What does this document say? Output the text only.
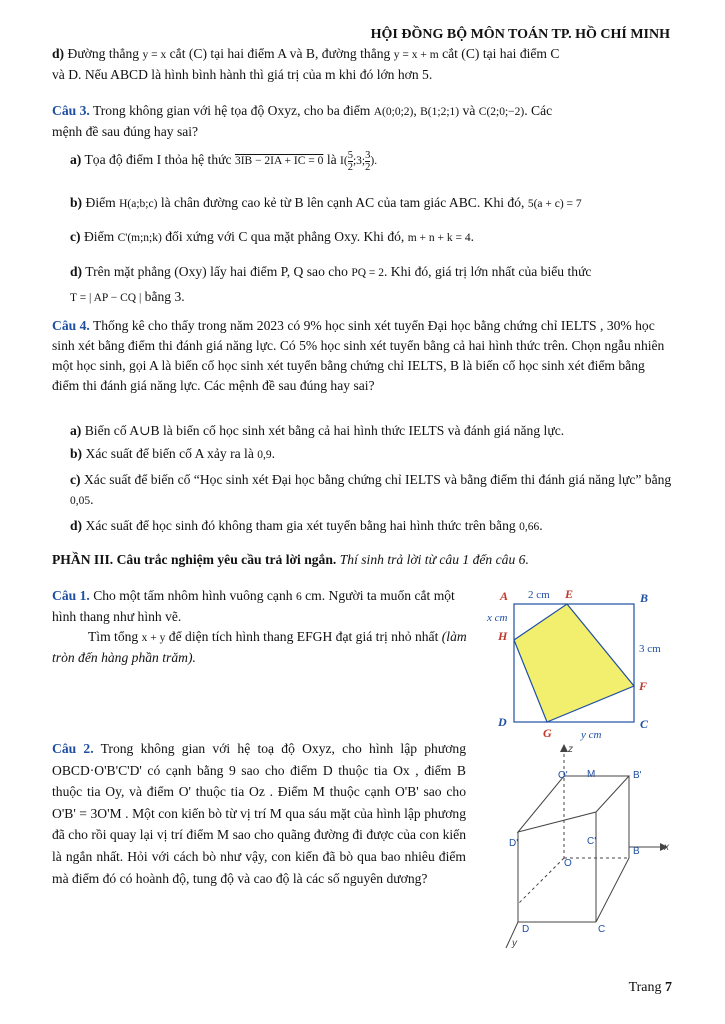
HỘI ĐỒNG BỘ MÔN TOÁN TP. HỒ CHÍ MINH
d) Đường thẳng y = x cắt (C) tại hai điểm A và B, đường thẳng y = x + m cắt (C) tại hai điểm C
và D. Nếu ABCD là hình bình hành thì giá trị của m khi đó lớn hơn 5.
Câu 3. Trong không gian với hệ tọa độ Oxyz, cho ba điểm A(0;0;2), B(1;2;1) và C(2;0;−2). Các
mệnh đề sau đúng hay sai?
a) Tọa độ điểm I thỏa hệ thức 3IB − 2IA + IC = 0 là $I( \frac{5}{2}$ ;3; $\frac{3}{2}$ ).
b) Điểm H(a;b;c) là chân đường cao kẻ từ B lên cạnh AC của tam giác ABC. Khi đó, 5(a + c) = 7
c) Điểm C'(m;n;k) đối xứng với C qua mặt phẳng Oxy. Khi đó, m + n + k = 4.
d) Trên mặt phẳng (Oxy) lấy hai điểm P, Q sao cho PQ = 2. Khi đó, giá trị lớn nhất của biểu thức
T = | AP − CQ | bằng 3.
Câu 4. Thống kê cho thấy trong năm 2023 có 9% học sinh xét tuyển Đại học bằng chứng chỉ IELTS , 30% học sinh xét bằng điểm thi đánh giá năng lực. Có 5% học sinh xét tuyển bằng cả hai hình thức trên. Chọn ngẫu nhiên một học sinh, gọi A là biến cố học sinh xét tuyển bằng chứng chỉ IELTS, B là biến cố học sinh xét điểm bằng điểm thi đánh giá năng lực. Các mệnh đề sau đúng hay sai?
a) Biến cố A∪B là biến cố học sinh xét bằng cả hai hình thức IELTS và đánh giá năng lực.
b) Xác suất để biến cố A xảy ra là 0,9.
c) Xác suất để biến cố “Học sinh xét Đại học bằng chứng chỉ IELTS và bằng điểm thi đánh giá năng lực” bằng 0,05.
d) Xác suất để học sinh đó không tham gia xét tuyển bằng hai hình thức trên bằng 0,66.
PHẦN III. Câu trắc nghiệm yêu cầu trả lời ngắn. Thí sinh trả lời từ câu 1 đến câu 6.
Câu 1. Cho một tấm nhôm hình vuông cạnh 6 cm. Người ta muốn cắt một hình thang như hình vẽ.
Tìm tổng x + y để diện tích hình thang EFGH đạt giá trị nhỏ nhất (làm tròn đến hàng phần trăm).
A	B
C
D
E
F
G
H
2 cm
x cm
3 cm
y cm
Câu 2. Trong không gian với hệ toạ độ Oxyz, cho hình lập phương OBCD·O'B'C'D' có cạnh bằng 9 sao cho điểm D thuộc tia Ox , điểm B thuộc tia Oy, và điểm O' thuộc tia Oz . Điểm M thuộc cạnh O'B' sao cho O'B' = 3O'M . Một con kiến bò từ vị trí M qua sáu mặt của hình lập phương đã cho rồi quay lại vị trí điểm M sao cho quãng đường đi được của con kiến là ngắn nhất. Hỏi với cách bò như vậy, con kiến đã bò qua bao nhiêu điểm mà điểm đó có hoành độ, tung độ và cao độ là các số nguyên dương?
z
x
y
O' M	B'
D'	C'
O
B
D	C
Trang 7
